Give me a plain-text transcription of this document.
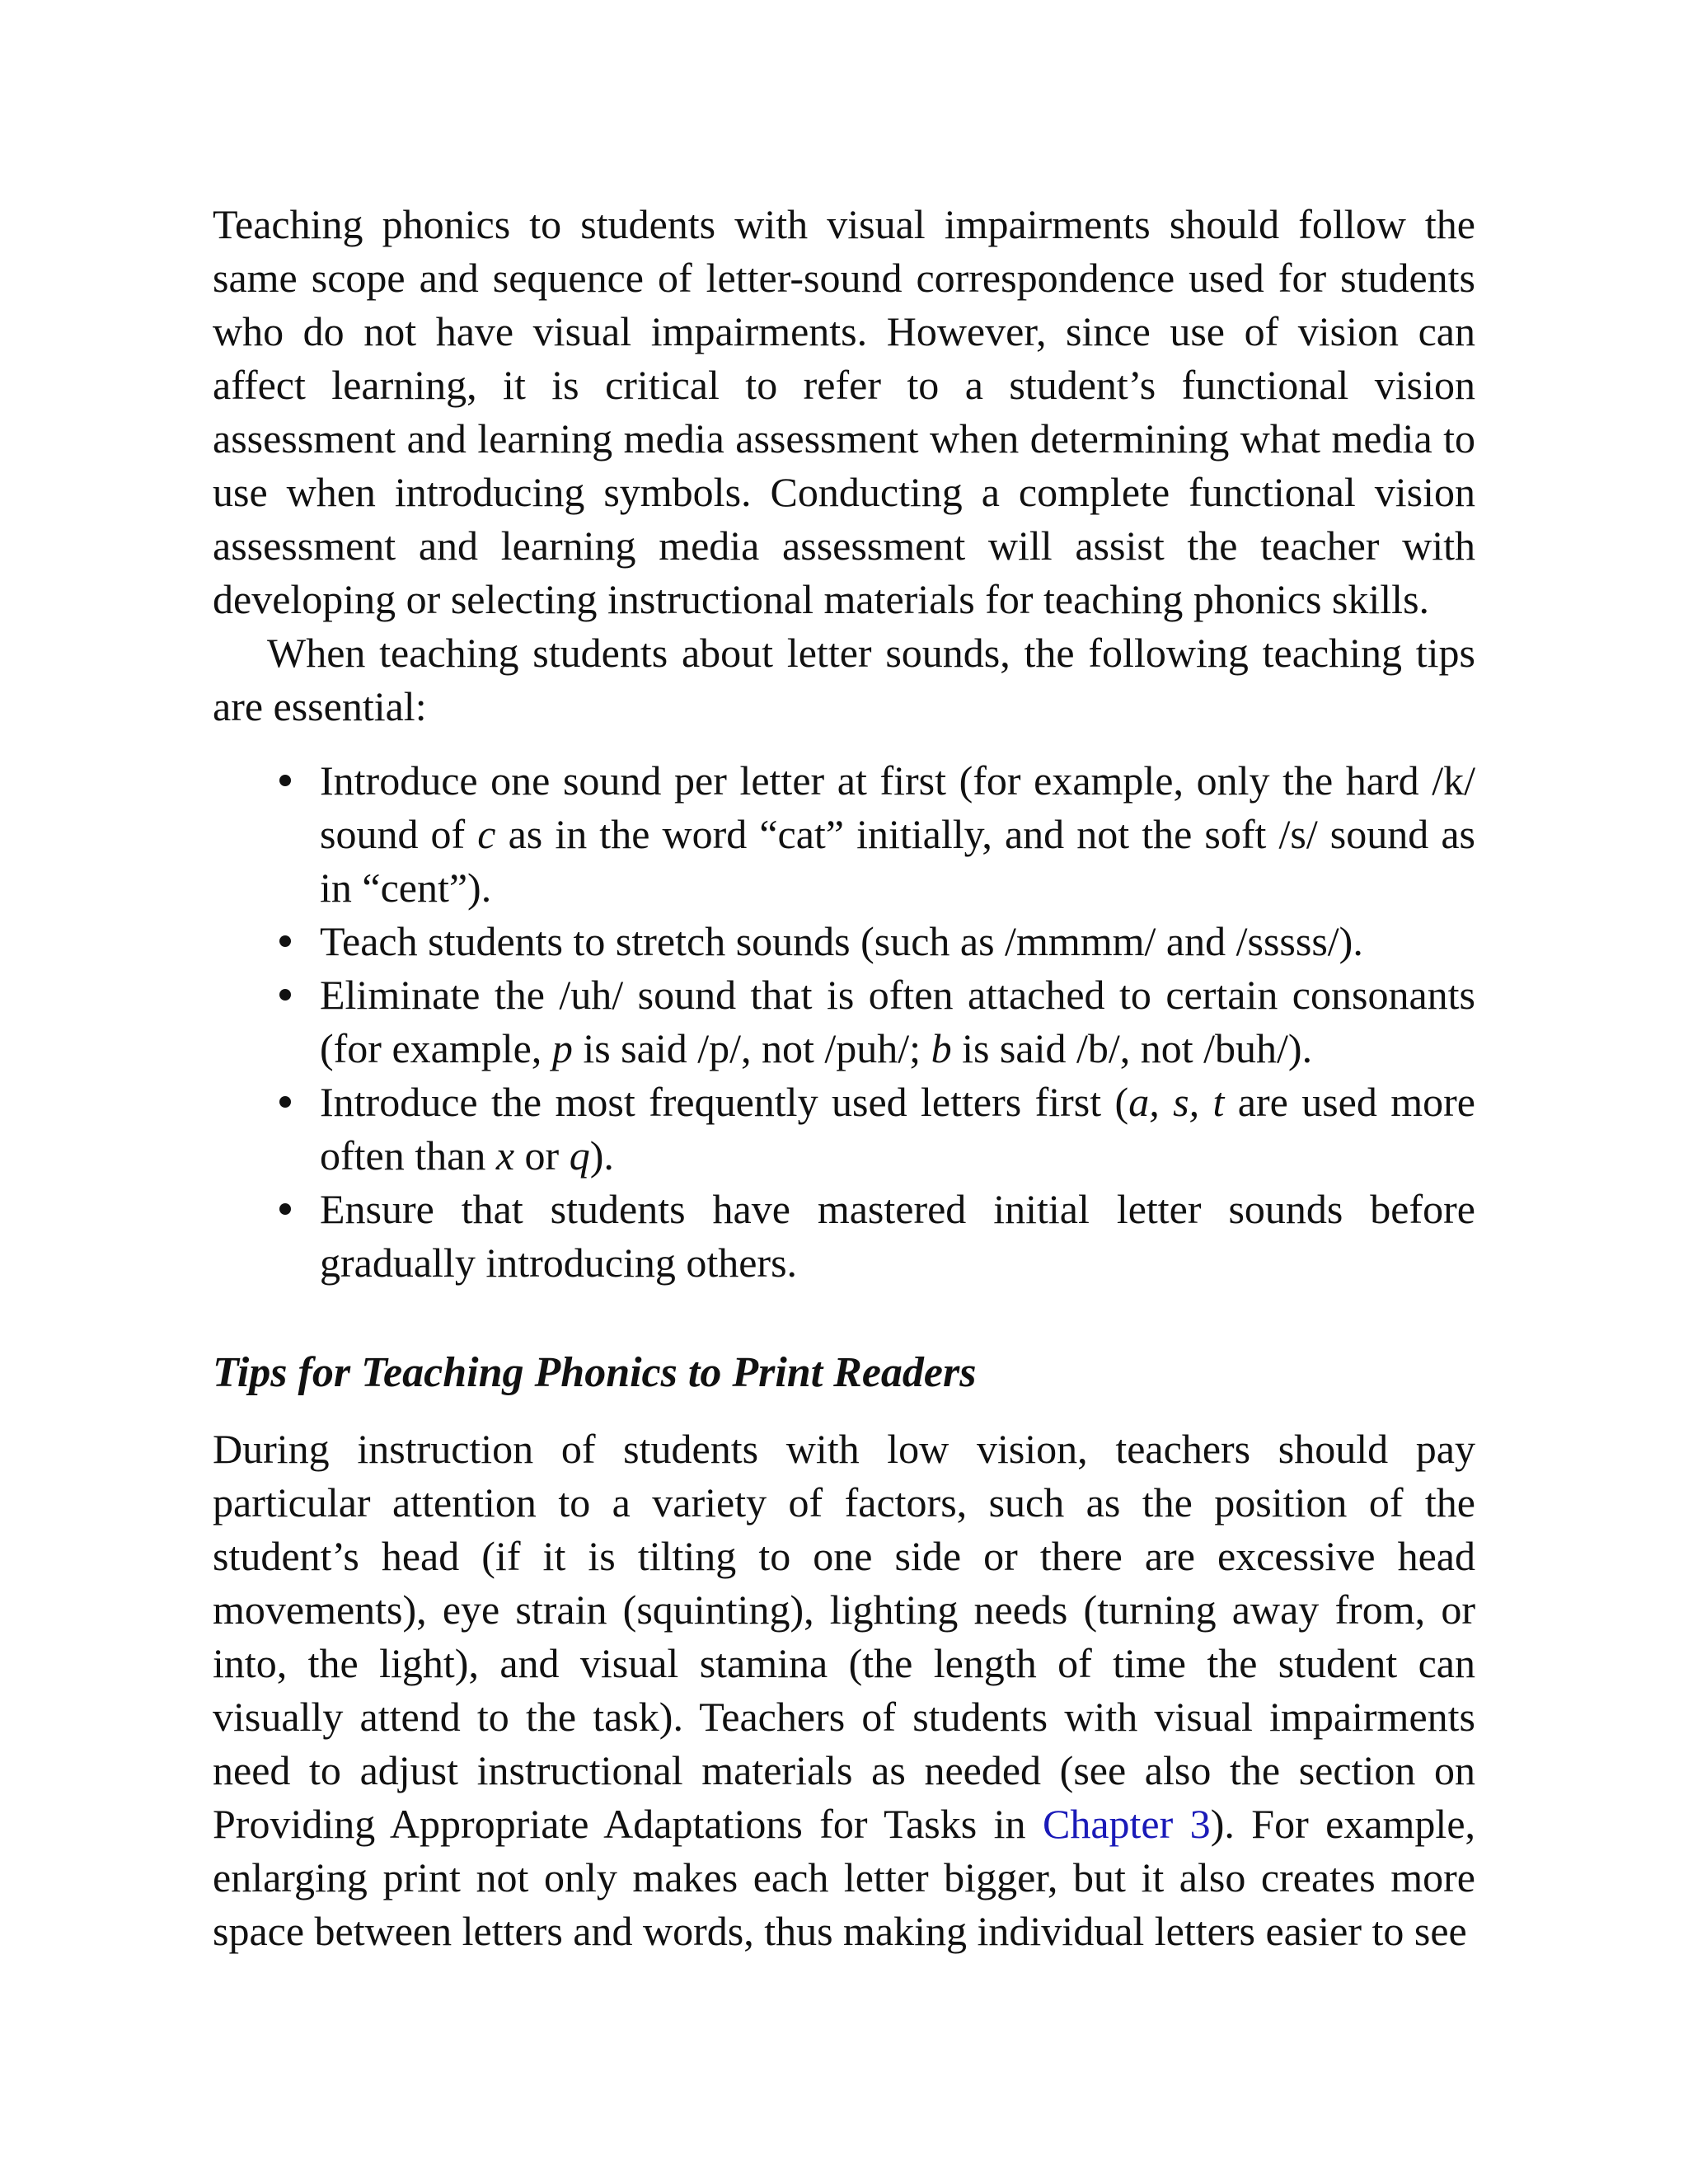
Teaching phonics to students with visual impairments should follow the same scope and sequence of letter-sound correspondence used for students who do not have visual impairments. However, since use of vision can affect learning, it is critical to refer to a student’s functional vision assessment and learning media assessment when determining what media to use when introducing symbols. Conducting a complete functional vision assessment and learning media assessment will assist the teacher with developing or selecting instructional materials for teaching phonics skills.

When teaching students about letter sounds, the following teaching tips are essential:

Introduce one sound per letter at first (for example, only the hard /k/ sound of c as in the word “cat” initially, and not the soft /s/ sound as in “cent”).
Teach students to stretch sounds (such as /mmmm/ and /sssss/).
Eliminate the /uh/ sound that is often attached to certain consonants (for example, p is said /p/, not /puh/; b is said /b/, not /buh/).
Introduce the most frequently used letters first (a, s, t are used more often than x or q).
Ensure that students have mastered initial letter sounds before gradually introducing others.
Tips for Teaching Phonics to Print Readers

During instruction of students with low vision, teachers should pay particular attention to a variety of factors, such as the position of the student’s head (if it is tilting to one side or there are excessive head movements), eye strain (squinting), lighting needs (turning away from, or into, the light), and visual stamina (the length of time the student can visually attend to the task). Teachers of students with visual impairments need to adjust instructional materials as needed (see also the section on Providing Appropriate Adaptations for Tasks in Chapter 3). For example, enlarging print not only makes each letter bigger, but it also creates more space between letters and words, thus making individual letters easier to see
